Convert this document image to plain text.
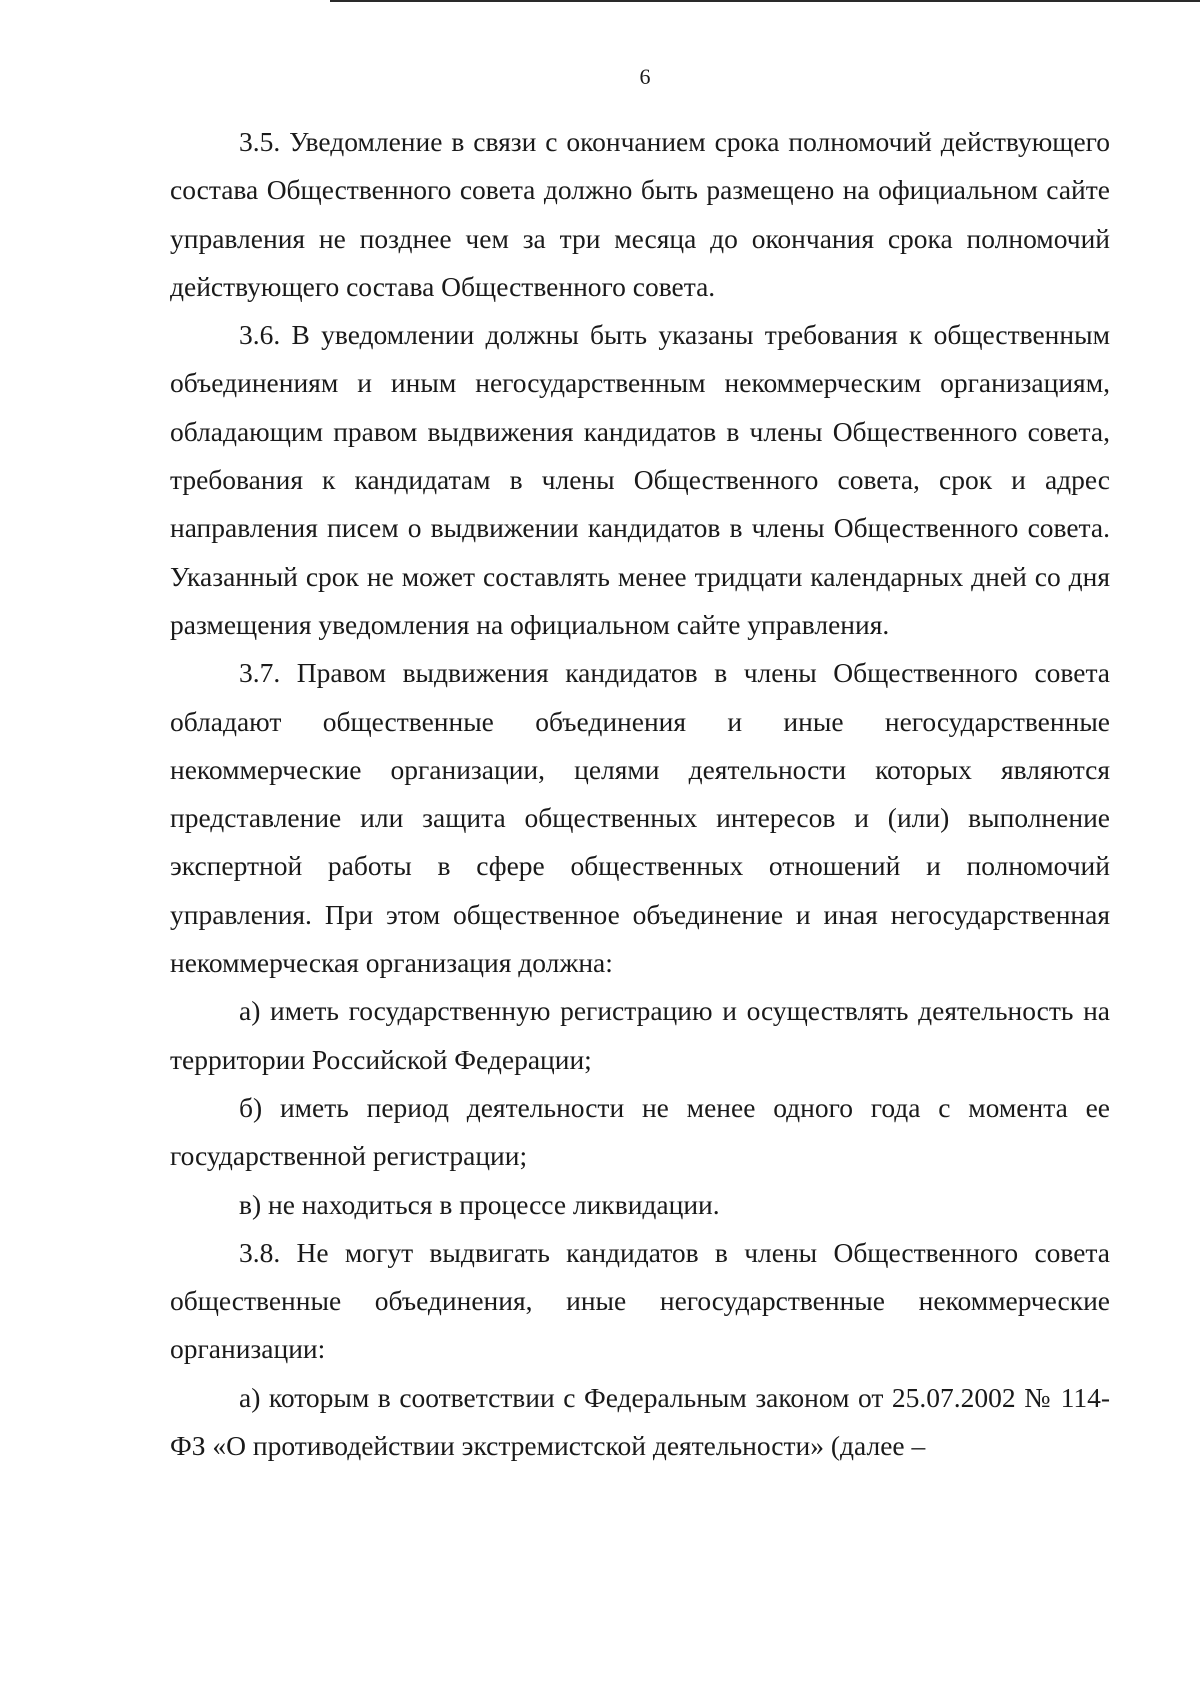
6

3.5. Уведомление в связи с окончанием срока полномочий действующего состава Общественного совета должно быть размещено на официальном сайте управления не позднее чем за три месяца до окончания срока полномочий действующего состава Общественного совета.

3.6. В уведомлении должны быть указаны требования к общественным объединениям и иным негосударственным некоммерческим организациям, обладающим правом выдвижения кандидатов в члены Общественного совета, требования к кандидатам в члены Общественного совета, срок и адрес направления писем о выдвижении кандидатов в члены Общественного совета. Указанный срок не может составлять менее тридцати календарных дней со дня размещения уведомления на официальном сайте управления.

3.7. Правом выдвижения кандидатов в члены Общественного совета обладают общественные объединения и иные негосударственные некоммерческие организации, целями деятельности которых являются представление или защита общественных интересов и (или) выполнение экспертной работы в сфере общественных отношений и полномочий управления. При этом общественное объединение и иная негосударственная некоммерческая организация должна:

а) иметь государственную регистрацию и осуществлять деятельность на территории Российской Федерации;

б) иметь период деятельности не менее одного года с момента ее государственной регистрации;

в) не находиться в процессе ликвидации.

3.8. Не могут выдвигать кандидатов в члены Общественного совета общественные объединения, иные негосударственные некоммерческие организации:

а) которым в соответствии с Федеральным законом от 25.07.2002 № 114-ФЗ «О противодействии экстремистской деятельности» (далее –
